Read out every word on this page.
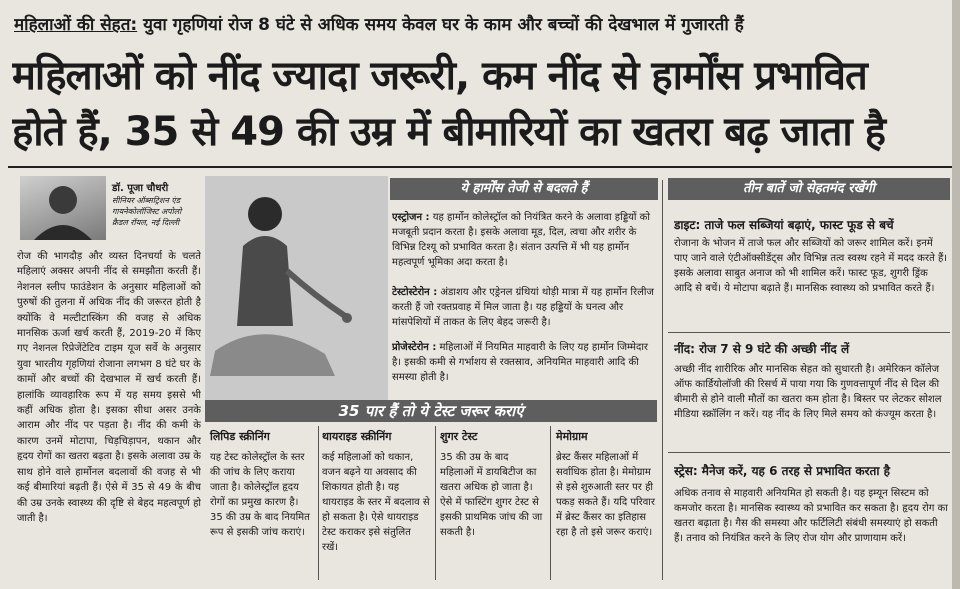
महिलाओं की सेहत: युवा गृहणियां रोज 8 घंटे से अधिक समय केवल घर के काम और बच्चों की देखभाल में गुजारती हैं
महिलाओं को नींद ज्यादा जरूरी, कम नींद से हार्मोंस प्रभावित
होते हैं, 35 से 49 की उम्र में बीमारियों का खतरा बढ़ जाता है
डॉ. पूजा चौधरी
सीनियर ऑब्सट्रिशन एंड
गायनेकोलॉजिस्ट अपोलो
क्रैडल रॉयल, नई दिल्ली
रोज की भागदौड़ और व्यस्त दिनचर्या के चलते महिलाएं अक्सर अपनी नींद से समझौता करती हैं। नेशनल स्लीप फाउंडेशन के अनुसार महिलाओं को पुरुषों की तुलना में अधिक नींद की जरूरत होती है क्योंकि वे मल्टीटास्किंग की वजह से अधिक मानसिक ऊर्जा खर्च करती हैं, 2019-20 में किए गए नेशनल रिप्रेजेंटेटिव टाइम यूज सर्वे के अनुसार युवा भारतीय गृहणियां रोजाना लगभग 8 घंटे घर के कामों और बच्चों की देखभाल में खर्च करती हैं। हालांकि व्यावहारिक रूप में यह समय इससे भी कहीं अधिक होता है। इसका सीधा असर उनके आराम और नींद पर पड़ता है। नींद की कमी के कारण उनमें मोटापा, चिड़चिड़ापन, थकान और हृदय रोगों का खतरा बढ़ता है। इसके अलावा उम्र के साथ होने वाले हार्मोनल बदलावों की वजह से भी कई बीमारियां बढ़ती हैं। ऐसे में 35 से 49 के बीच की उम्र उनके स्वास्थ्य की दृष्टि से बेहद महत्वपूर्ण हो जाती है।
ये हार्मोंस तेजी से बदलते हैं
एस्ट्रोजन : यह हार्मोन कोलेस्ट्रॉल को नियंत्रित करने के अलावा हड्डियों को मजबूती प्रदान करता है। इसके अलावा मूड, दिल, त्वचा और शरीर के विभिन्न टिश्यू को प्रभावित करता है। संतान उत्पत्ति में भी यह हार्मोन महत्वपूर्ण भूमिका अदा करता है।
टेस्टोस्टेरोन : अंडाशय और एड्रेनल ग्रंथियां थोड़ी मात्रा में यह हार्मोन रिलीज करती हैं जो रक्तप्रवाह में मिल जाता है। यह हड्डियों के घनत्व और मांसपेशियों में ताकत के लिए बेहद जरूरी है।
प्रोजेस्टेरोन : महिलाओं में नियमित माहवारी के लिए यह हार्मोन जिम्मेदार है। इसकी कमी से गर्भाशय से रक्तस्राव, अनियमित माहवारी आदि की समस्या होती है।
तीन बातें जो सेहतमंद रखेंगी
डाइट: ताजे फल सब्जियां बढ़ाएं, फास्ट फूड से बचें
रोजाना के भोजन में ताजे फल और सब्जियों को जरूर शामिल करें। इनमें पाए जाने वाले एंटीऑक्सीडेंट्स और विभिन्न तत्व स्वस्थ रहने में मदद करते हैं। इसके अलावा साबुत अनाज को भी शामिल करें। फास्ट फूड, शुगरी ड्रिंक आदि से बचें। ये मोटापा बढ़ाते हैं। मानसिक स्वास्थ्य को प्रभावित करते हैं।
नींद: रोज 7 से 9 घंटे की अच्छी नींद लें
अच्छी नींद शारीरिक और मानसिक सेहत को सुधारती है। अमेरिकन कॉलेज ऑफ कार्डियोलॉजी की रिसर्च में पाया गया कि गुणवत्तापूर्ण नींद से दिल की बीमारी से होने वाली मौतों का खतरा कम होता है। बिस्तर पर लेटकर सोशल मीडिया स्क्रॉलिंग न करें। यह नींद के लिए मिले समय को कंज्यूम करता है।
स्ट्रेस: मैनेज करें, यह 6 तरह से प्रभावित करता है
अधिक तनाव से माहवारी अनियमित हो सकती है। यह इम्यून सिस्टम को कमजोर करता है। मानसिक स्वास्थ्य को प्रभावित कर सकता है। हृदय रोग का खतरा बढ़ाता है। गैस की समस्या और फर्टिलिटी संबंधी समस्याएं हो सकती हैं। तनाव को नियंत्रित करने के लिए रोज योग और प्राणायाम करें।
35 पार हैं तो ये टेस्ट जरूर कराएं
लिपिड स्क्रीनिंग
यह टेस्ट कोलेस्ट्रॉल के स्तर की जांच के लिए कराया जाता है। कोलेस्ट्रॉल हृदय रोगों का प्रमुख कारण है। 35 की उम्र के बाद नियमित रूप से इसकी जांच कराएं।
थायराइड स्क्रीनिंग
कई महिलाओं को थकान, वजन बढ़ने या अवसाद की शिकायत होती है। यह थायराइड के स्तर में बदलाव से हो सकता है। ऐसे थायराइड टेस्ट कराकर इसे संतुलित रखें।
शुगर टेस्ट
35 की उम्र के बाद महिलाओं में डायबिटीज का खतरा अधिक हो जाता है। ऐसे में फास्टिंग शुगर टेस्ट से इसकी प्राथमिक जांच की जा सकती है।
मेमोग्राम
ब्रेस्ट कैंसर महिलाओं में सर्वाधिक होता है। मेमोग्राम से इसे शुरुआती स्तर पर ही पकड़ सकते हैं। यदि परिवार में ब्रेस्ट कैंसर का इतिहास रहा है तो इसे जरूर कराएं।
